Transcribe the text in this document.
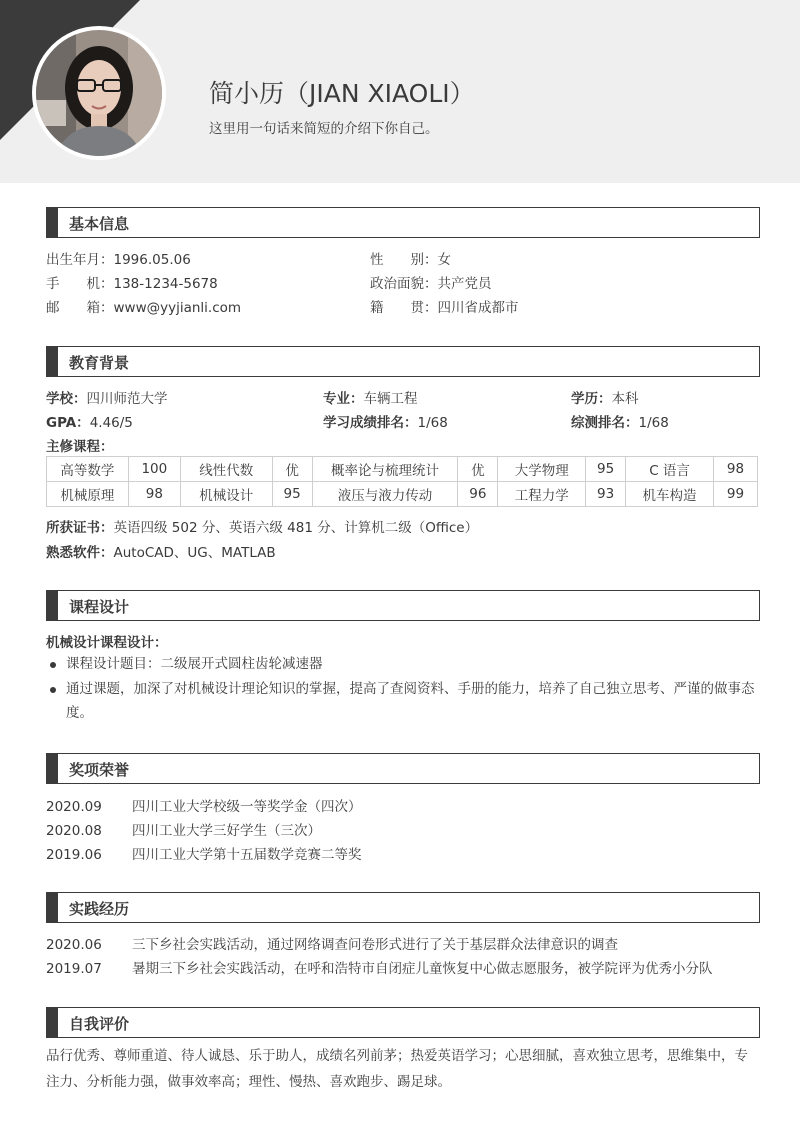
简小历（JIAN XIAOLI）
这里用一句话来简短的介绍下你自己。
基本信息
出生年月：1996.05.06	性　　别：女
手　　机：138-1234-5678	政治面貌：共产党员
邮　　箱：www@yyjianli.com	籍　　贯：四川省成都市
教育背景
学校：四川师范大学	专业：车辆工程	学历：本科
GPA：4.46/5	学习成绩排名：1/68	综测排名：1/68
主修课程：
高等数学	100	线性代数	优	概率论与梳理统计	优	大学物理	95	C 语言	98
机械原理	98	机械设计	95	液压与液力传动	96	工程力学	93	机车构造	99
所获证书：英语四级 502 分、英语六级 481 分、计算机二级（Office）
熟悉软件：AutoCAD、UG、MATLAB
课程设计
机械设计课程设计：
课程设计题目：二级展开式圆柱齿轮减速器
通过课题，加深了对机械设计理论知识的掌握，提高了查阅资料、手册的能力，培养了自己独立思考、严谨的做事态度。
奖项荣誉
2020.09 四川工业大学校级一等奖学金（四次）
2020.08 四川工业大学三好学生（三次）
2019.06 四川工业大学第十五届数学竞赛二等奖
实践经历
2020.06 三下乡社会实践活动，通过网络调查问卷形式进行了关于基层群众法律意识的调查
2019.07 暑期三下乡社会实践活动，在呼和浩特市自闭症儿童恢复中心做志愿服务，被学院评为优秀小分队
自我评价
品行优秀、尊师重道、待人诚恳、乐于助人，成绩名列前茅；热爱英语学习；心思细腻，喜欢独立思考，思维集中，专注力、分析能力强，做事效率高；理性、慢热、喜欢跑步、踢足球。
